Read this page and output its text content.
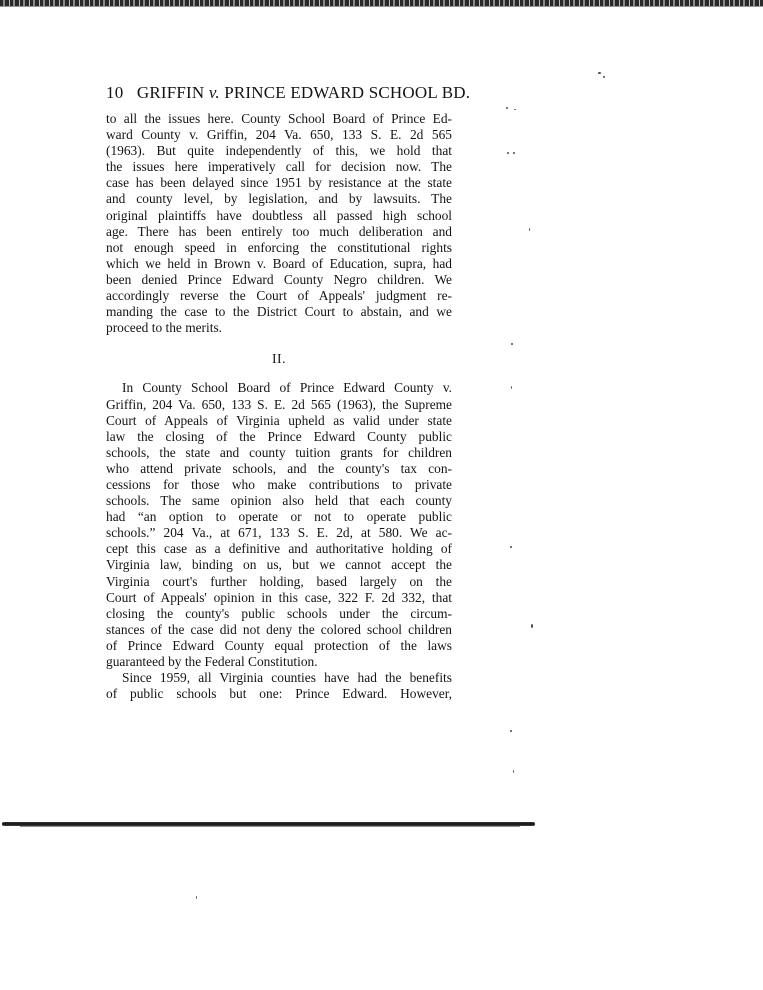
10 GRIFFIN v. PRINCE EDWARD SCHOOL BD.

to all the issues here. County School Board of Prince Ed-
ward County v. Griffin, 204 Va. 650, 133 S. E. 2d 565
(1963). But quite independently of this, we hold that
the issues here imperatively call for decision now. The
case has been delayed since 1951 by resistance at the state
and county level, by legislation, and by lawsuits. The
original plaintiffs have doubtless all passed high school
age. There has been entirely too much deliberation and
not enough speed in enforcing the constitutional rights
which we held in Brown v. Board of Education, supra, had
been denied Prince Edward County Negro children. We
accordingly reverse the Court of Appeals' judgment re-
manding the case to the District Court to abstain, and we
proceed to the merits.

II.

In County School Board of Prince Edward County v.
Griffin, 204 Va. 650, 133 S. E. 2d 565 (1963), the Supreme
Court of Appeals of Virginia upheld as valid under state
law the closing of the Prince Edward County public
schools, the state and county tuition grants for children
who attend private schools, and the county's tax con-
cessions for those who make contributions to private
schools. The same opinion also held that each county
had “an option to operate or not to operate public
schools.” 204 Va., at 671, 133 S. E. 2d, at 580. We ac-
cept this case as a definitive and authoritative holding of
Virginia law, binding on us, but we cannot accept the
Virginia court's further holding, based largely on the
Court of Appeals' opinion in this case, 322 F. 2d 332, that
closing the county's public schools under the circum-
stances of the case did not deny the colored school children
of Prince Edward County equal protection of the laws
guaranteed by the Federal Constitution.

Since 1959, all Virginia counties have had the benefits
of public schools but one: Prince Edward. However,
